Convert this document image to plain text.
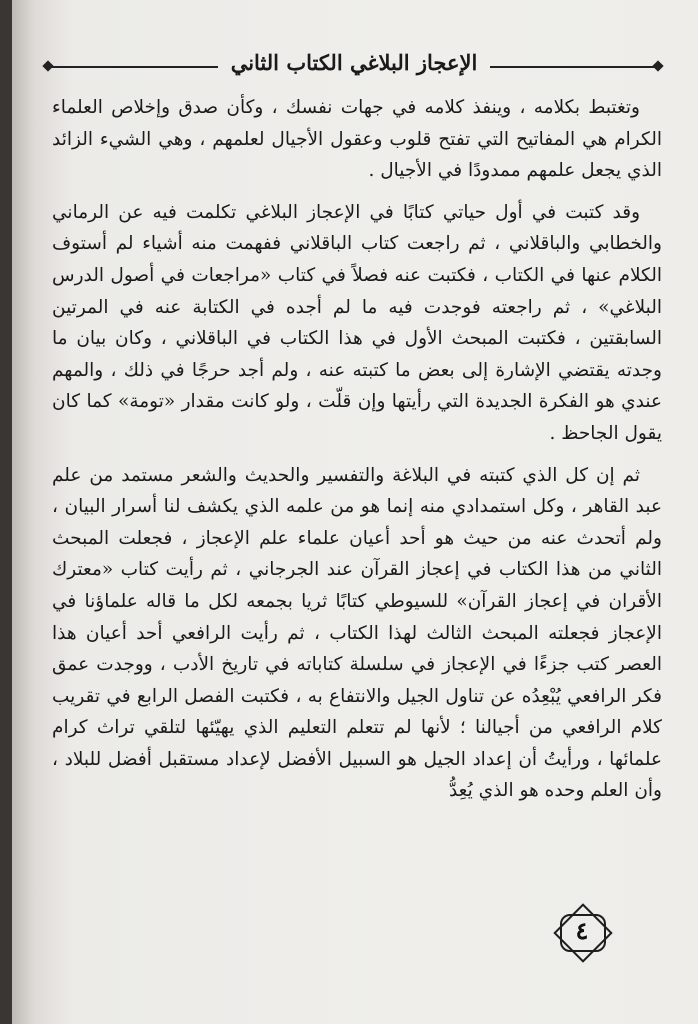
الإعجاز البلاغي الكتاب الثاني

وتغتبط بكلامه ، وينفذ كلامه في جهات نفسك ، وكأن صدق وإخلاص العلماء الكرام هي المفاتيح التي تفتح قلوب وعقول الأجيال لعلمهم ، وهي الشيء الزائد الذي يجعل علمهم ممدودًا في الأجيال .

وقد كتبت في أول حياتي كتابًا في الإعجاز البلاغي تكلمت فيه عن الرماني والخطابي والباقلاني ، ثم راجعت كتاب الباقلاني ففهمت منه أشياء لم أستوف الكلام عنها في الكتاب ، فكتبت عنه فصلاً في كتاب «مراجعات في أصول الدرس البلاغي» ، ثم راجعته فوجدت فيه ما لم أجده في الكتابة عنه في المرتين السابقتين ، فكتبت المبحث الأول في هذا الكتاب في الباقلاني ، وكان بيان ما وجدته يقتضي الإشارة إلى بعض ما كتبته عنه ، ولم أجد حرجًا في ذلك ، والمهم عندي هو الفكرة الجديدة التي رأيتها وإن قلّت ، ولو كانت مقدار «تومة» كما كان يقول الجاحظ .

ثم إن كل الذي كتبته في البلاغة والتفسير والحديث والشعر مستمد من علم عبد القاهر ، وكل استمدادي منه إنما هو من علمه الذي يكشف لنا أسرار البيان ، ولم أتحدث عنه من حيث هو أحد أعيان علماء علم الإعجاز ، فجعلت المبحث الثاني من هذا الكتاب في إعجاز القرآن عند الجرجاني ، ثم رأيت كتاب «معترك الأقران في إعجاز القرآن» للسيوطي كتابًا ثريا بجمعه لكل ما قاله علماؤنا في الإعجاز فجعلته المبحث الثالث لهذا الكتاب ، ثم رأيت الرافعي أحد أعيان هذا العصر كتب جزءًا في الإعجاز في سلسلة كتاباته في تاريخ الأدب ، ووجدت عمق فكر الرافعي يُبْعِدُه عن تناول الجيل والانتفاع به ، فكتبت الفصل الرابع في تقريب كلام الرافعي من أجيالنا ؛ لأنها لم تتعلم التعليم الذي يهيّئها لتلقي تراث كرام علمائها ، ورأيتُ أن إعداد الجيل هو السبيل الأفضل لإعداد مستقبل أفضل للبلاد ، وأن العلم وحده هو الذي يُعِدُّ

٤
